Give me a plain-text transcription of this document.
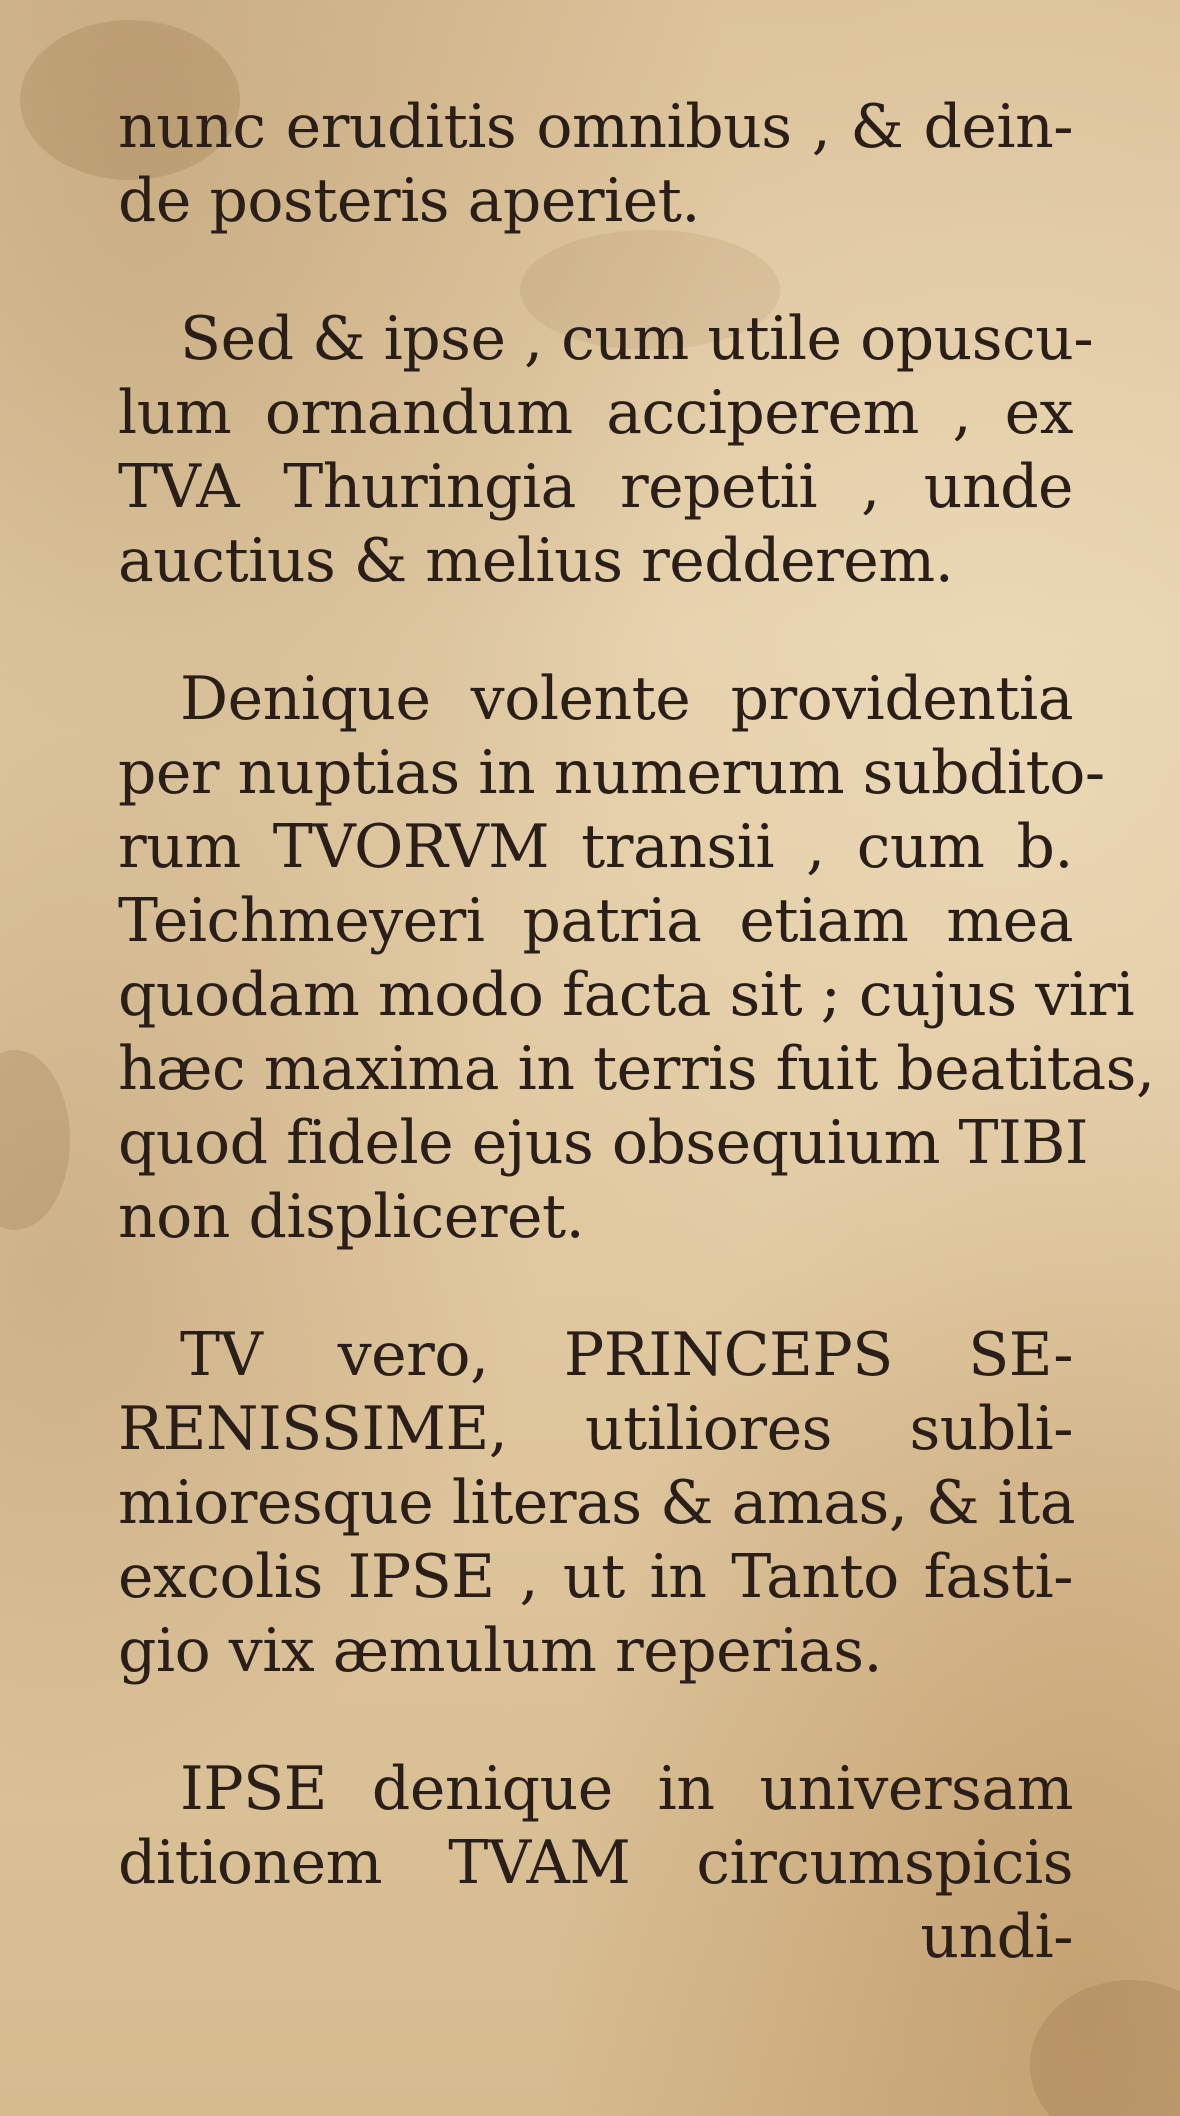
nunc eruditis omnibus , & dein-
de posteris aperiet.
Sed & ipse , cum utile opuscu-
lum ornandum acciperem , ex
TVA Thuringia repetii , unde
auctius & melius redderem.
Denique volente providentia
per nuptias in numerum subdito-
rum TVORVM transii , cum b.
Teichmeyeri patria etiam mea
quodam modo facta sit ; cujus viri
hæc maxima in terris fuit beatitas,
quod fidele ejus obsequium TIBI
non displiceret.
TV vero, PRINCEPS SE-
RENISSIME, utiliores subli-
mioresque literas & amas, & ita
excolis IPSE , ut in Tanto fasti-
gio vix æmulum reperias.
IPSE denique in universam
ditionem TVAM circumspicis
undi-
